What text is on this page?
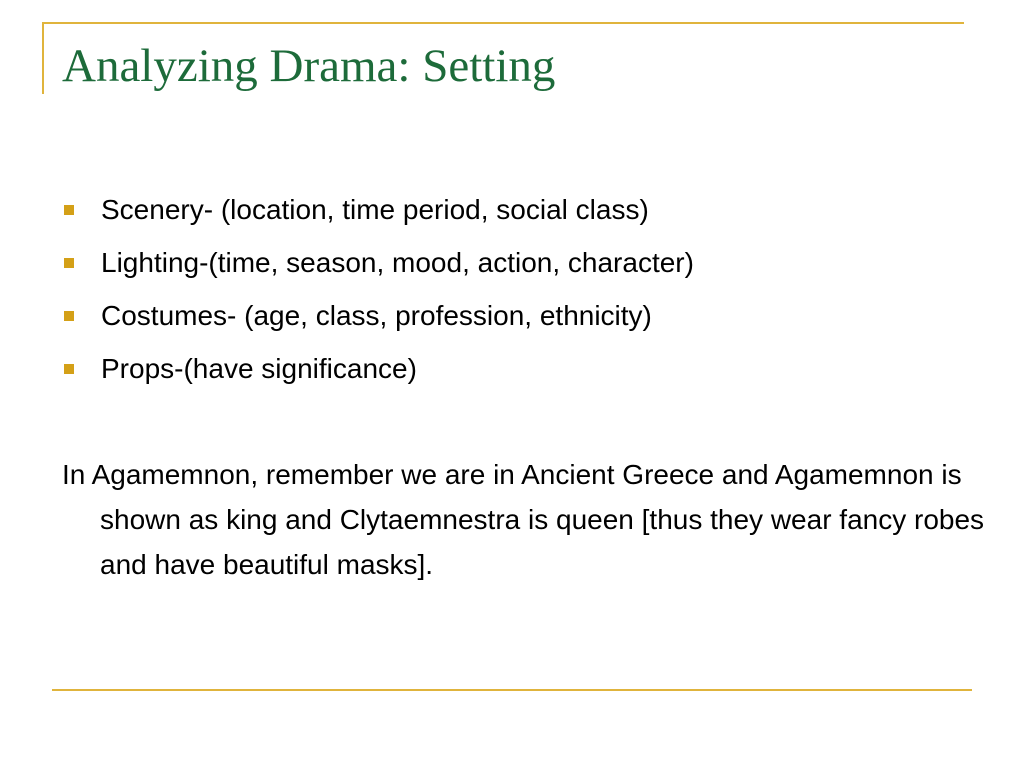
Analyzing Drama: Setting
Scenery- (location, time period, social class)
Lighting-(time, season, mood, action, character)
Costumes- (age, class, profession, ethnicity)
Props-(have significance)

In Agamemnon, remember we are in Ancient Greece and Agamemnon is shown as king and Clytaemnestra is queen [thus they wear fancy robes and have beautiful masks].
